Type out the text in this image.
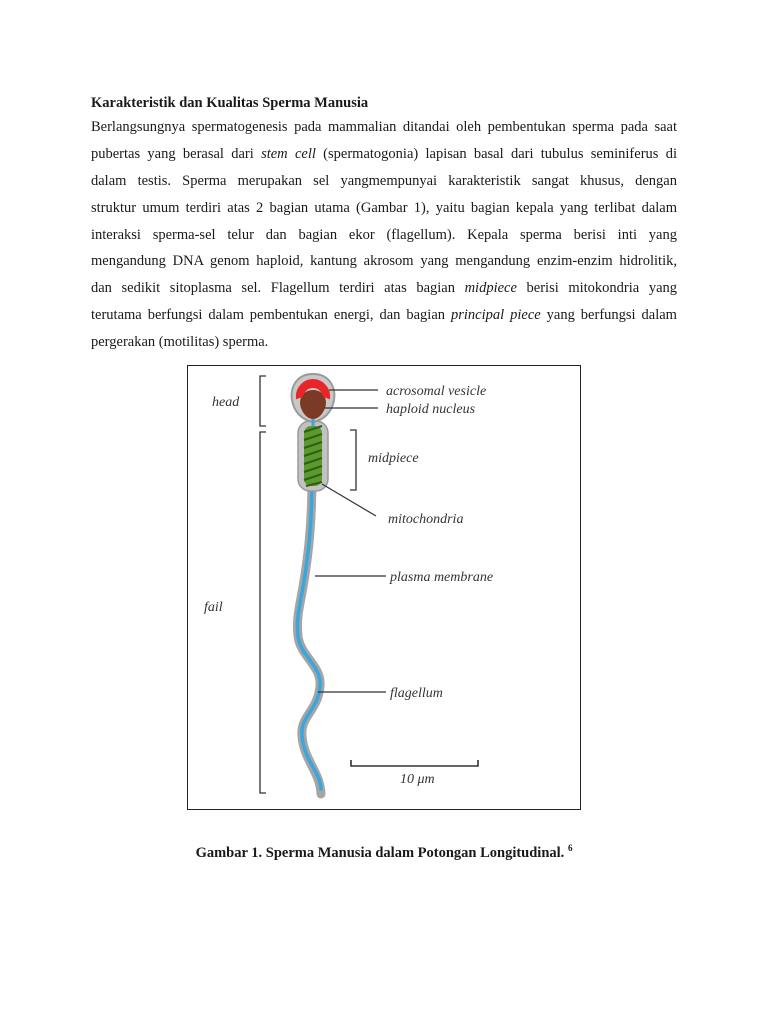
Karakteristik dan Kualitas Sperma Manusia
Berlangsungnya spermatogenesis pada mammalian ditandai oleh pembentukan sperma pada saat
pubertas yang berasal dari stem cell (spermatogonia) lapisan basal dari tubulus seminiferus di
dalam testis. Sperma merupakan sel yangmempunyai karakteristik sangat khusus, dengan
struktur umum terdiri atas 2 bagian utama (Gambar 1), yaitu bagian kepala yang terlibat dalam
interaksi sperma-sel telur dan bagian ekor (flagellum). Kepala sperma berisi inti yang
mengandung DNA genom haploid, kantung akrosom yang mengandung enzim-enzim hidrolitik,
dan sedikit sitoplasma sel. Flagellum terdiri atas bagian midpiece berisi mitokondria yang
terutama berfungsi dalam pembentukan energi, dan bagian principal piece yang berfungsi dalam
pergerakan (motilitas) sperma.
head
fail
acrosomal vesicle
haploid nucleus
midpiece
mitochondria
plasma membrane
flagellum
10 μm
Gambar 1. Sperma Manusia dalam Potongan Longitudinal. $^6$
